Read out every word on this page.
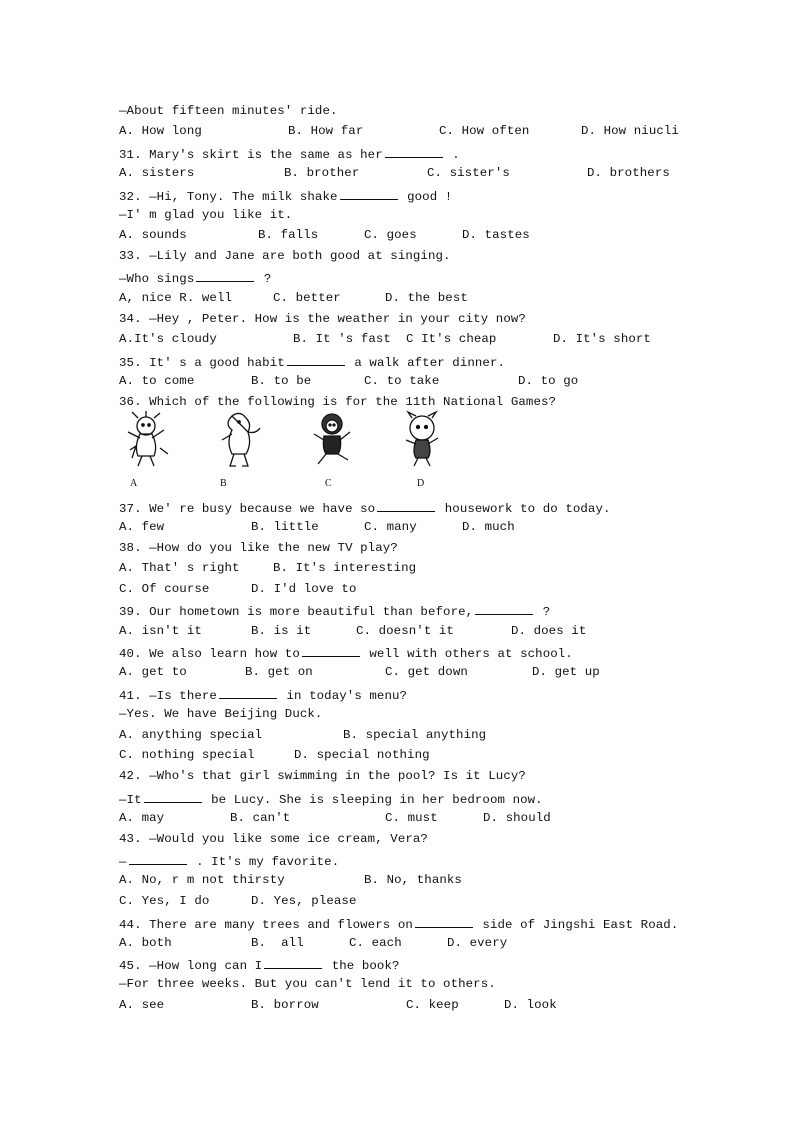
—About fifteen minutes' ride.
A. How long	B. How far	C. How often	D. How niucli
31. Mary's skirt is the same as her	.
A. sisters	B. brother	C. sister's	D. brothers
32. —Hi, Tony. The milk shake	good !
—I' m glad you like it.
A. sounds	B. falls	C. goes	D. tastes
33. —Lily and Jane are both good at singing.
—Who sings	?
A, nice R. well	C. better	D. the best
34. —Hey , Peter. How is the weather in your city now?
A.It's cloudy	B. It 's fast  C It's cheap	D. It's short
35. It' s a good habit	a walk after dinner.
A. to come	B. to be	C. to take	D. to go
36. Which of the following is for the 11th National Games?
37. We' re busy because we have so	housework to do today.
A. few	B. little	C. many	D. much
38. —How do you like the new TV play?
A. That' s right	B. It's interesting
C. Of course	D. I'd love to
39. Our hometown is more beautiful than before,	?
A. isn't it	B. is it	C. doesn't it	D. does it
40. We also learn how to	well with others at school.
A. get to	B. get on	C. get down	D. get up
41. —Is there	in today's menu?
—Yes. We have Beijing Duck.
A. anything special	B. special anything
C. nothing special	D. special nothing
42. —Who's that girl swimming in the pool? Is it Lucy?
—It	be Lucy. She is sleeping in her bedroom now.
A. may	B. can't	C. must	D. should
43. —Would you like some ice cream, Vera?
—	. It's my favorite.
A. No, r m not thirsty	B. No, thanks
C. Yes, I do	D. Yes, please
44. There are many trees and flowers on	side of Jingshi East Road.
A. both	B.  all	C. each	D. every
45. —How long can I	the book?
—For three weeks. But you can't lend it to others.
A. see	B. borrow	C. keep	D. look
A	B	C	D
